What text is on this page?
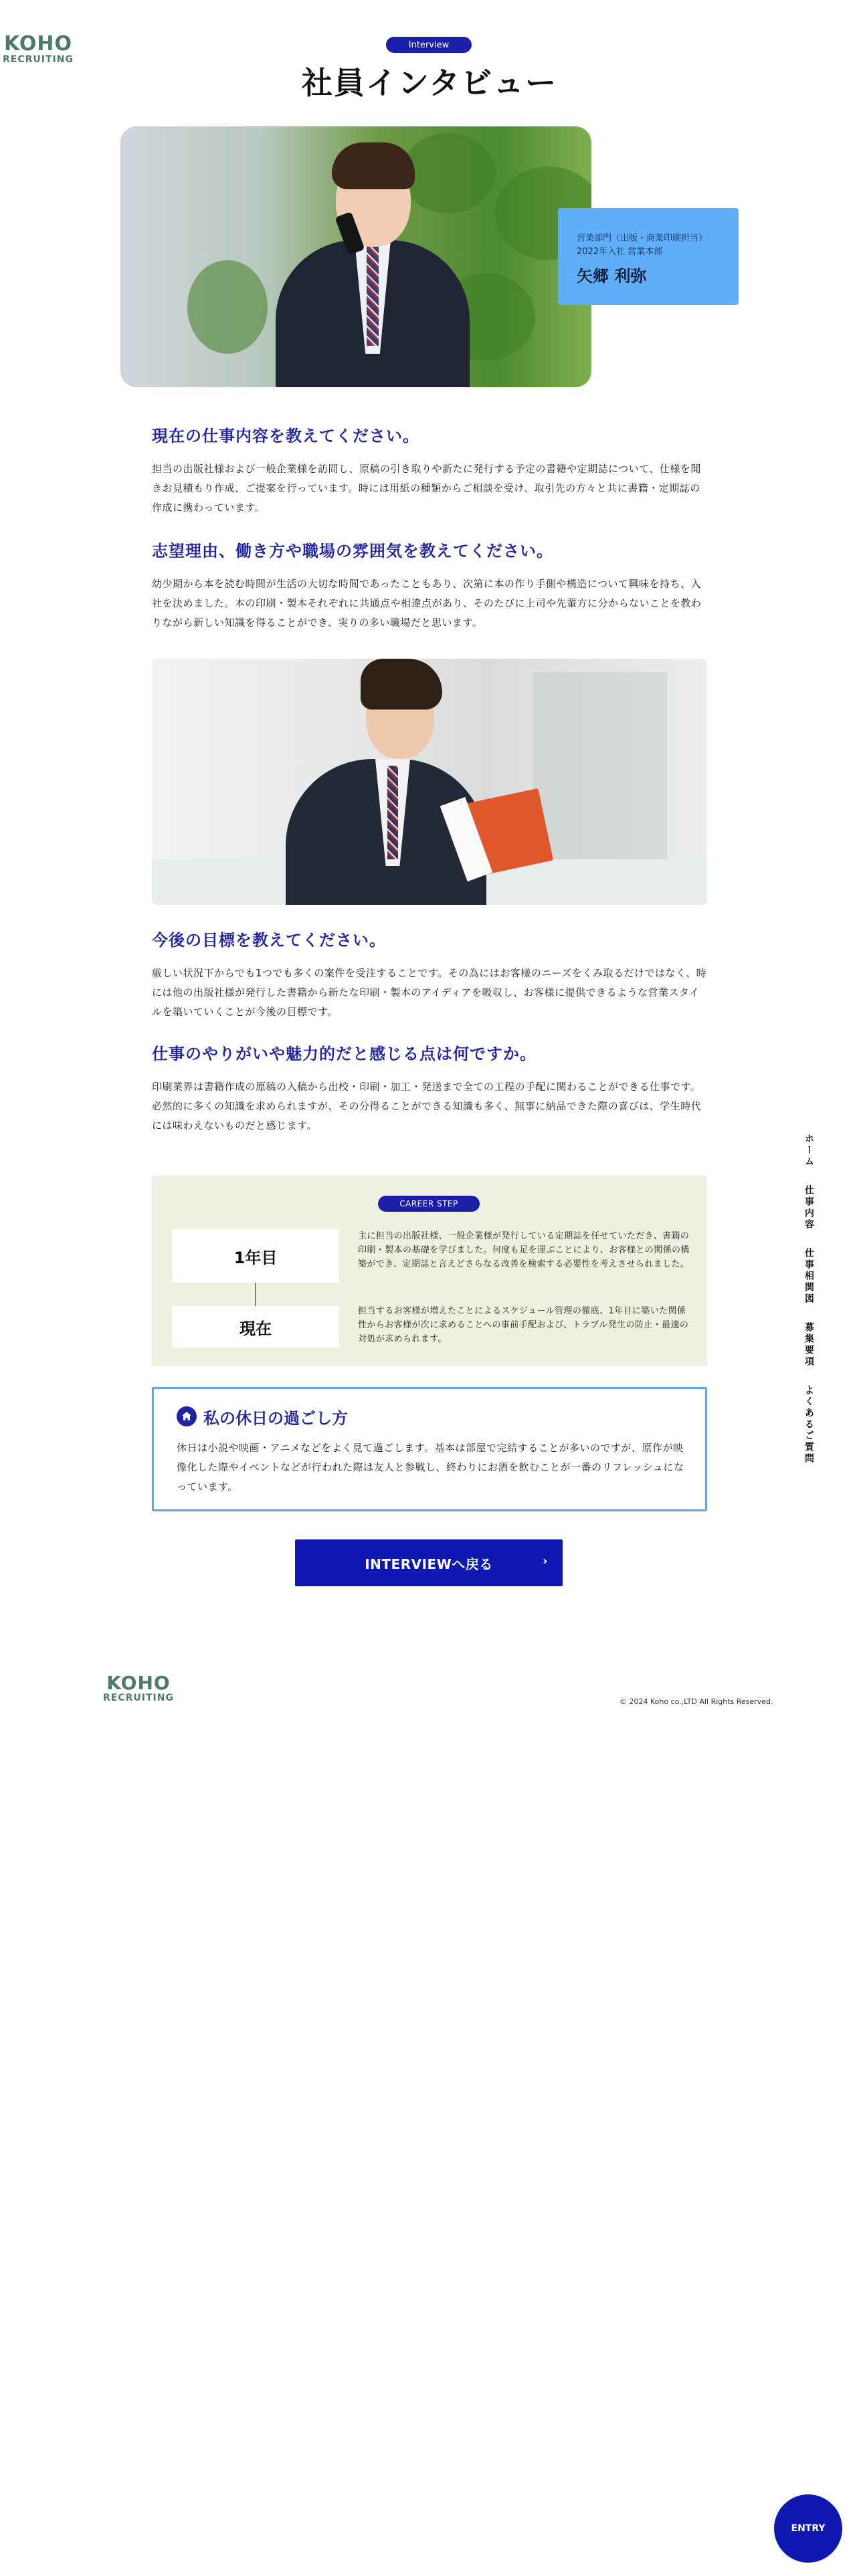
KOHO
RECRUITING
Interview
社員インタビュー
営業部門（出版・商業印刷担当）
2022年入社 営業本部
矢郷 利弥
現在の仕事内容を教えてください。

担当の出版社様および一般企業様を訪問し、原稿の引き取りや新たに発行する予定の書籍や定期誌について、仕様を聞きお見積もり作成、ご提案を行っています。時には用紙の種類からご相談を受け、取引先の方々と共に書籍・定期誌の作成に携わっています。

志望理由、働き方や職場の雰囲気を教えてください。

幼少期から本を読む時間が生活の大切な時間であったこともあり、次第に本の作り手側や構造について興味を持ち、入社を決めました。本の印刷・製本それぞれに共通点や相違点があり、そのたびに上司や先輩方に分からないことを教わりながら新しい知識を得ることができ、実りの多い職場だと思います。

今後の目標を教えてください。

厳しい状況下からでも1つでも多くの案件を受注することです。その為にはお客様のニーズをくみ取るだけではなく、時には他の出版社様が発行した書籍から新たな印刷・製本のアイディアを吸収し、お客様に提供できるような営業スタイルを築いていくことが今後の目標です。

仕事のやりがいや魅力的だと感じる点は何ですか。

印刷業界は書籍作成の原稿の入稿から出校・印刷・加工・発送まで全ての工程の手配に関わることができる仕事です。必然的に多くの知識を求められますが、その分得ることができる知識も多く、無事に納品できた際の喜びは、学生時代には味わえないものだと感じます。

CAREER STEP
1年目
現在
主に担当の出版社様、一般企業様が発行している定期誌を任せていただき、書籍の印刷・製本の基礎を学びました。何度も足を運ぶことにより、お客様との関係の構築ができ、定期誌と言えどさらなる改善を検索する必要性を考えさせられました。
担当するお客様が増えたことによるスケジュール管理の徹底、1年目に築いた関係性からお客様が次に求めることへの事前手配および、トラブル発生の防止・最適の対処が求められます。
私の休日の過ごし方

休日は小説や映画・アニメなどをよく見て過ごします。基本は部屋で完結することが多いのですが、原作が映像化した際やイベントなどが行われた際は友人と参戦し、終わりにお酒を飲むことが一番のリフレッシュになっています。

INTERVIEWへ戻る	›
KOHO
RECRUITING	© 2024 Koho co.,LTD All Rights Reserved.
ホーム
仕事内容
仕事相関図
募集要項
よくあるご質問
ENTRY
